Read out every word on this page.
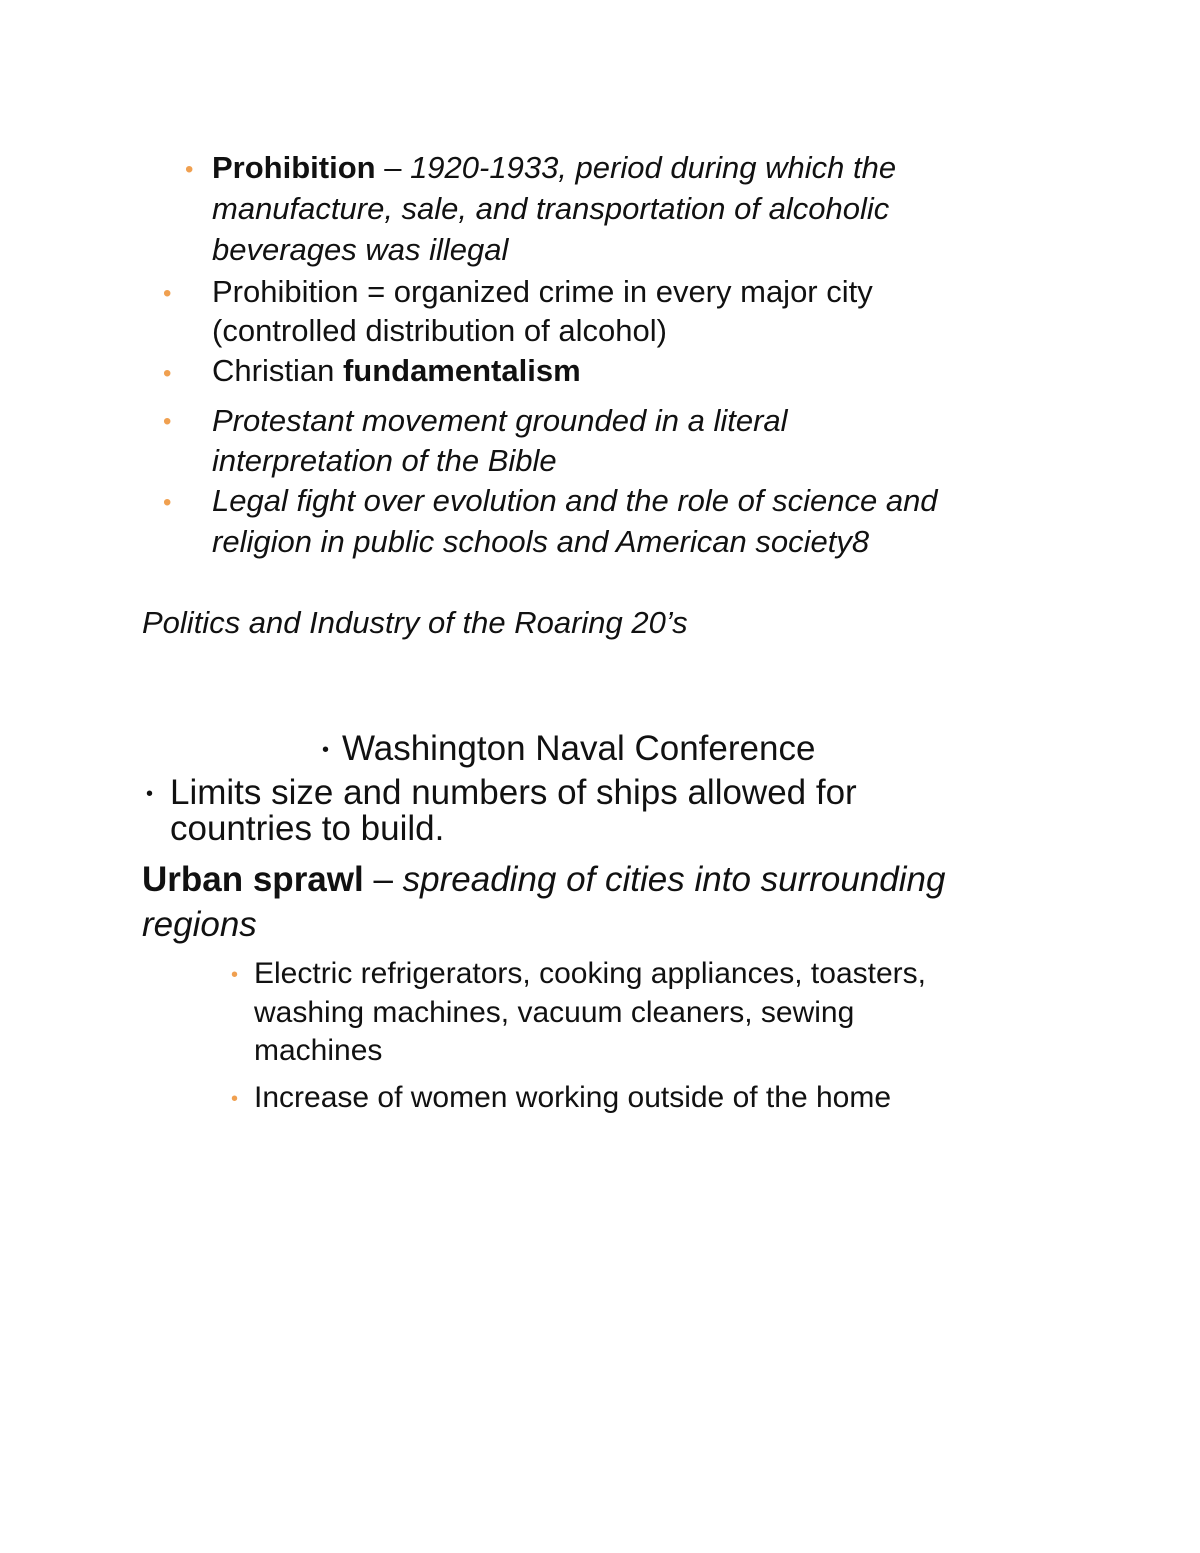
• Prohibition – 1920-1933, period during which the
manufacture, sale, and transportation of alcoholic
beverages was illegal
• Prohibition = organized crime in every major city
(controlled distribution of alcohol)
• Christian fundamentalism
• Protestant movement grounded in a literal
interpretation of the Bible
• Legal fight over evolution and the role of science and
religion in public schools and American society8
Politics and Industry of the Roaring 20’s
• Washington Naval Conference
• Limits size and numbers of ships allowed for
countries to build.
Urban sprawl – spreading of cities into surrounding
regions
• Electric refrigerators, cooking appliances, toasters,
washing machines, vacuum cleaners, sewing
machines
• Increase of women working outside of the home
